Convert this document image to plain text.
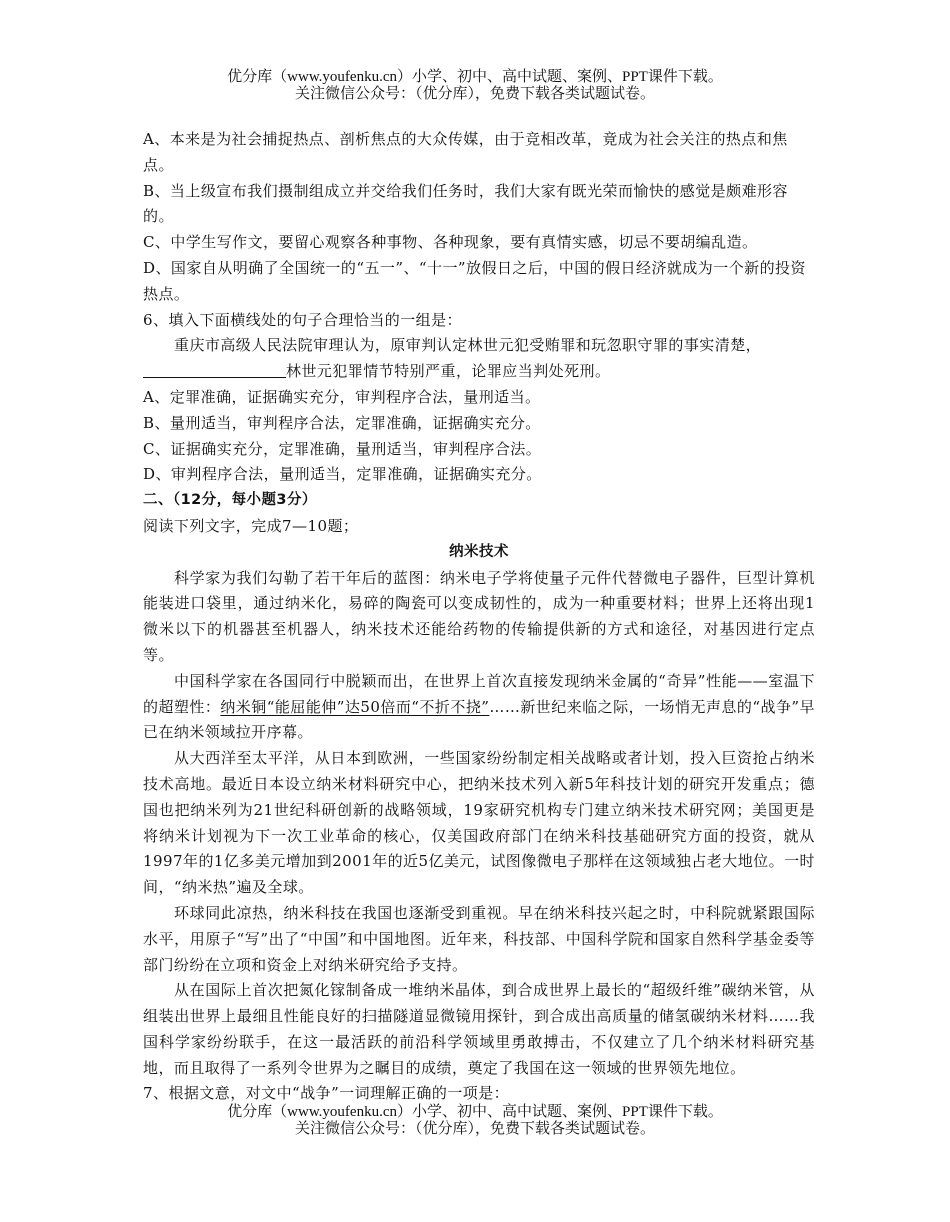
优分库（www.youfenku.cn）小学、初中、高中试题、案例、PPT课件下载。
关注微信公众号：（优分库），免费下载各类试题试卷。

A、本来是为社会捕捉热点、剖析焦点的大众传媒，由于竞相改革，竟成为社会关注的热点和焦点。

B、当上级宣布我们摄制组成立并交给我们任务时，我们大家有既光荣而愉快的感觉是颇难形容的。

C、中学生写作文，要留心观察各种事物、各种现象，要有真情实感，切忌不要胡编乱造。

D、国家自从明确了全国统一的“五一”、“十一”放假日之后，中国的假日经济就成为一个新的投资热点。

6、填入下面横线处的句子合理恰当的一组是：

重庆市高级人民法院审理认为，原审判认定林世元犯受贿罪和玩忽职守罪的事实清楚，

林世元犯罪情节特别严重，论罪应当判处死刑。

A、定罪准确，证据确实充分，审判程序合法，量刑适当。

B、量刑适当，审判程序合法，定罪准确，证据确实充分。

C、证据确实充分，定罪准确，量刑适当，审判程序合法。

D、审判程序合法，量刑适当，定罪准确，证据确实充分。

二、（12分，每小题3分）

阅读下列文字，完成7—10题；

纳米技术

科学家为我们勾勒了若干年后的蓝图：纳米电子学将使量子元件代替微电子器件，巨型计算机能装进口袋里，通过纳米化，易碎的陶瓷可以变成韧性的，成为一种重要材料；世界上还将出现1微米以下的机器甚至机器人，纳米技术还能给药物的传输提供新的方式和途径，对基因进行定点等。

中国科学家在各国同行中脱颖而出，在世界上首次直接发现纳米金属的“奇异”性能——室温下的超塑性：纳米铜“能屈能伸”达50倍而“不折不挠”……新世纪来临之际，一场悄无声息的“战争”早已在纳米领域拉开序幕。

从大西洋至太平洋，从日本到欧洲，一些国家纷纷制定相关战略或者计划，投入巨资抢占纳米技术高地。最近日本设立纳米材料研究中心，把纳米技术列入新5年科技计划的研究开发重点；德国也把纳米列为21世纪科研创新的战略领域，19家研究机构专门建立纳米技术研究网；美国更是将纳米计划视为下一次工业革命的核心，仅美国政府部门在纳米科技基础研究方面的投资，就从1997年的1亿多美元增加到2001年的近5亿美元，试图像微电子那样在这领域独占老大地位。一时间，“纳米热”遍及全球。

环球同此凉热，纳米科技在我国也逐渐受到重视。早在纳米科技兴起之时，中科院就紧跟国际水平，用原子“写”出了“中国”和中国地图。近年来，科技部、中国科学院和国家自然科学基金委等部门纷纷在立项和资金上对纳米研究给予支持。

从在国际上首次把氮化镓制备成一堆纳米晶体，到合成世界上最长的“超级纤维”碳纳米管，从组装出世界上最细且性能良好的扫描隧道显微镜用探针，到合成出高质量的储氢碳纳米材料……我国科学家纷纷联手，在这一最活跃的前沿科学领域里勇敢搏击，不仅建立了几个纳米材料研究基地，而且取得了一系列令世界为之瞩目的成绩，奠定了我国在这一领域的世界领先地位。

7、根据文意，对文中“战争”一词理解正确的一项是：

优分库（www.youfenku.cn）小学、初中、高中试题、案例、PPT课件下载。
关注微信公众号：（优分库），免费下载各类试题试卷。
